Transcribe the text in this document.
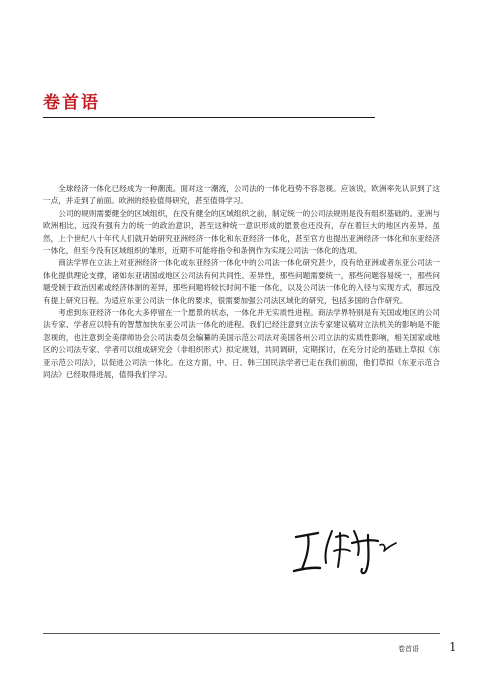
卷首语

全球经济一体化已经成为一种潮流。面对这一潮流，公司法的一体化趋势不容忽视。应该说，欧洲率先认识到了这一点，并走到了前面。欧洲的经验值得研究，甚至值得学习。

公司的规则需要健全的区域组织，在没有健全的区域组织之前，制定统一的公司法规则是没有组织基础的。亚洲与欧洲相比，远没有强有力的统一的政治意识，甚至这种统一意识形成的愿景也还没有，存在着巨大的地区内差异。虽然，上个世纪八十年代人们就开始研究亚洲经济一体化和东亚经济一体化，甚至官方也提出亚洲经济一体化和东亚经济一体化，但至今没有区域组织的雏形，近期不可能将指令和条例作为实现公司法一体化的选项。

商法学界在立法上对亚洲经济一体化或东亚经济一体化中的公司法一体化研究甚少，没有给亚洲或者东亚公司法一体化提供理论支撑，诸如东亚诸国或地区公司法有何共同性、差异性，那些问题需要统一，那些问题容易统一，那些问题受制于政治因素或经济体制的差异，那些问题将较长时间不能一体化，以及公司法一体化的入径与实现方式，都远没有提上研究日程。为适应东亚公司法一体化的要求，很需要加强公司法区域化的研究，包括多国的合作研究。

考虑到东亚经济一体化大多停留在一个愿景的状态，一体化并无实质性进程。商法学界特别是有关国或地区的公司法专家、学者应以特有的智慧加快东亚公司法一体化的进程。我们已经注意到立法专家建议稿对立法机关的影响是不能忽视的，也注意到全美律师协会公司法委员会编纂的美国示范公司法对美国各州公司立法的实质性影响，相关国家或地区的公司法专家、学者可以组成研究会（非组织形式）拟定规划，共同调研，定期探讨，在充分讨论的基础上草拟《东亚示范公司法》，以促进公司法一体化。在这方面，中、日、韩三国民法学者已走在我们前面，他们草拟《东亚示范合同法》已经取得进展，值得我们学习。

卷首语	1
